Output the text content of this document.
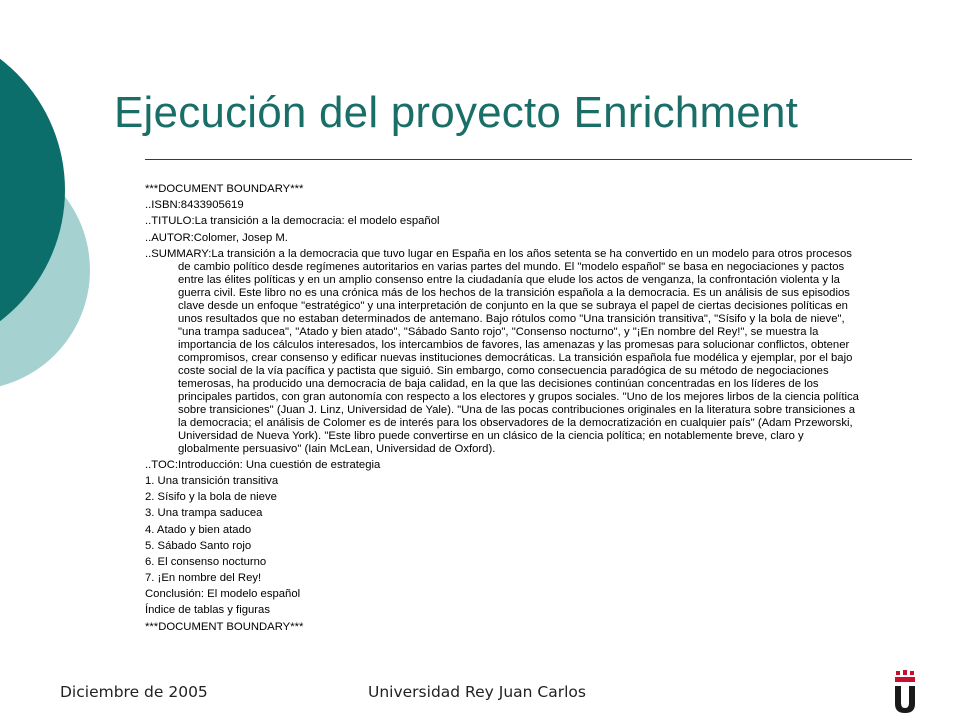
Ejecución del proyecto Enrichment

***DOCUMENT BOUNDARY***

..ISBN:8433905619

..TITULO:La transición a la democracia: el modelo español

..AUTOR:Colomer, Josep M.

..SUMMARY:La transición a la democracia que tuvo lugar en España en los años setenta se ha convertido en un modelo para otros procesos de cambio político desde regímenes autoritarios en varias partes del mundo. El "modelo español" se basa en negociaciones y pactos entre las élites políticas y en un amplio consenso entre la ciudadanía que elude los actos de venganza, la confrontación violenta y la guerra civil. Este libro no es una crónica más de los hechos de la transición española a la democracia. Es un análisis de sus episodios clave desde un enfoque "estratégico" y una interpretación de conjunto en la que se subraya el papel de ciertas decisiones políticas en unos resultados que no estaban determinados de antemano. Bajo rótulos como "Una transición transitiva", "Sísifo y la bola de nieve", "una trampa saducea", "Atado y bien atado", "Sábado Santo rojo", "Consenso nocturno", y "¡En nombre del Rey!", se muestra la importancia de los cálculos interesados, los intercambios de favores, las amenazas y las promesas para solucionar conflictos, obtener compromisos, crear consenso y edificar nuevas instituciones democráticas. La transición española fue modélica y ejemplar, por el bajo coste social de la vía pacífica y pactista que siguió. Sin embargo, como consecuencia paradógica de su método de negociaciones temerosas, ha producido una democracia de baja calidad, en la que las decisiones continúan concentradas en los líderes de los principales partidos, con gran autonomía con respecto a los electores y grupos sociales. "Uno de los mejores lirbos de la ciencia política sobre transiciones" (Juan J. Linz, Universidad de Yale). "Una de las pocas contribuciones originales en la literatura sobre transiciones a la democracia; el análisis de Colomer es de interés para los observadores de la democratización en cualquier país" (Adam Przeworski, Universidad de Nueva York). "Este libro puede convertirse en un clásico de la ciencia política; en notablemente breve, claro y globalmente persuasivo" (Iain McLean, Universidad de Oxford).

..TOC:Introducción: Una cuestión de estrategia

1. Una transición transitiva
2. Sísifo y la bola de nieve
3. Una trampa saducea
4. Atado y bien atado
5. Sábado Santo rojo
6. El consenso nocturno
7. ¡En nombre del Rey!
Conclusión: El modelo español
Índice de tablas y figuras

***DOCUMENT BOUNDARY***

Diciembre de 2005	Universidad Rey Juan Carlos
